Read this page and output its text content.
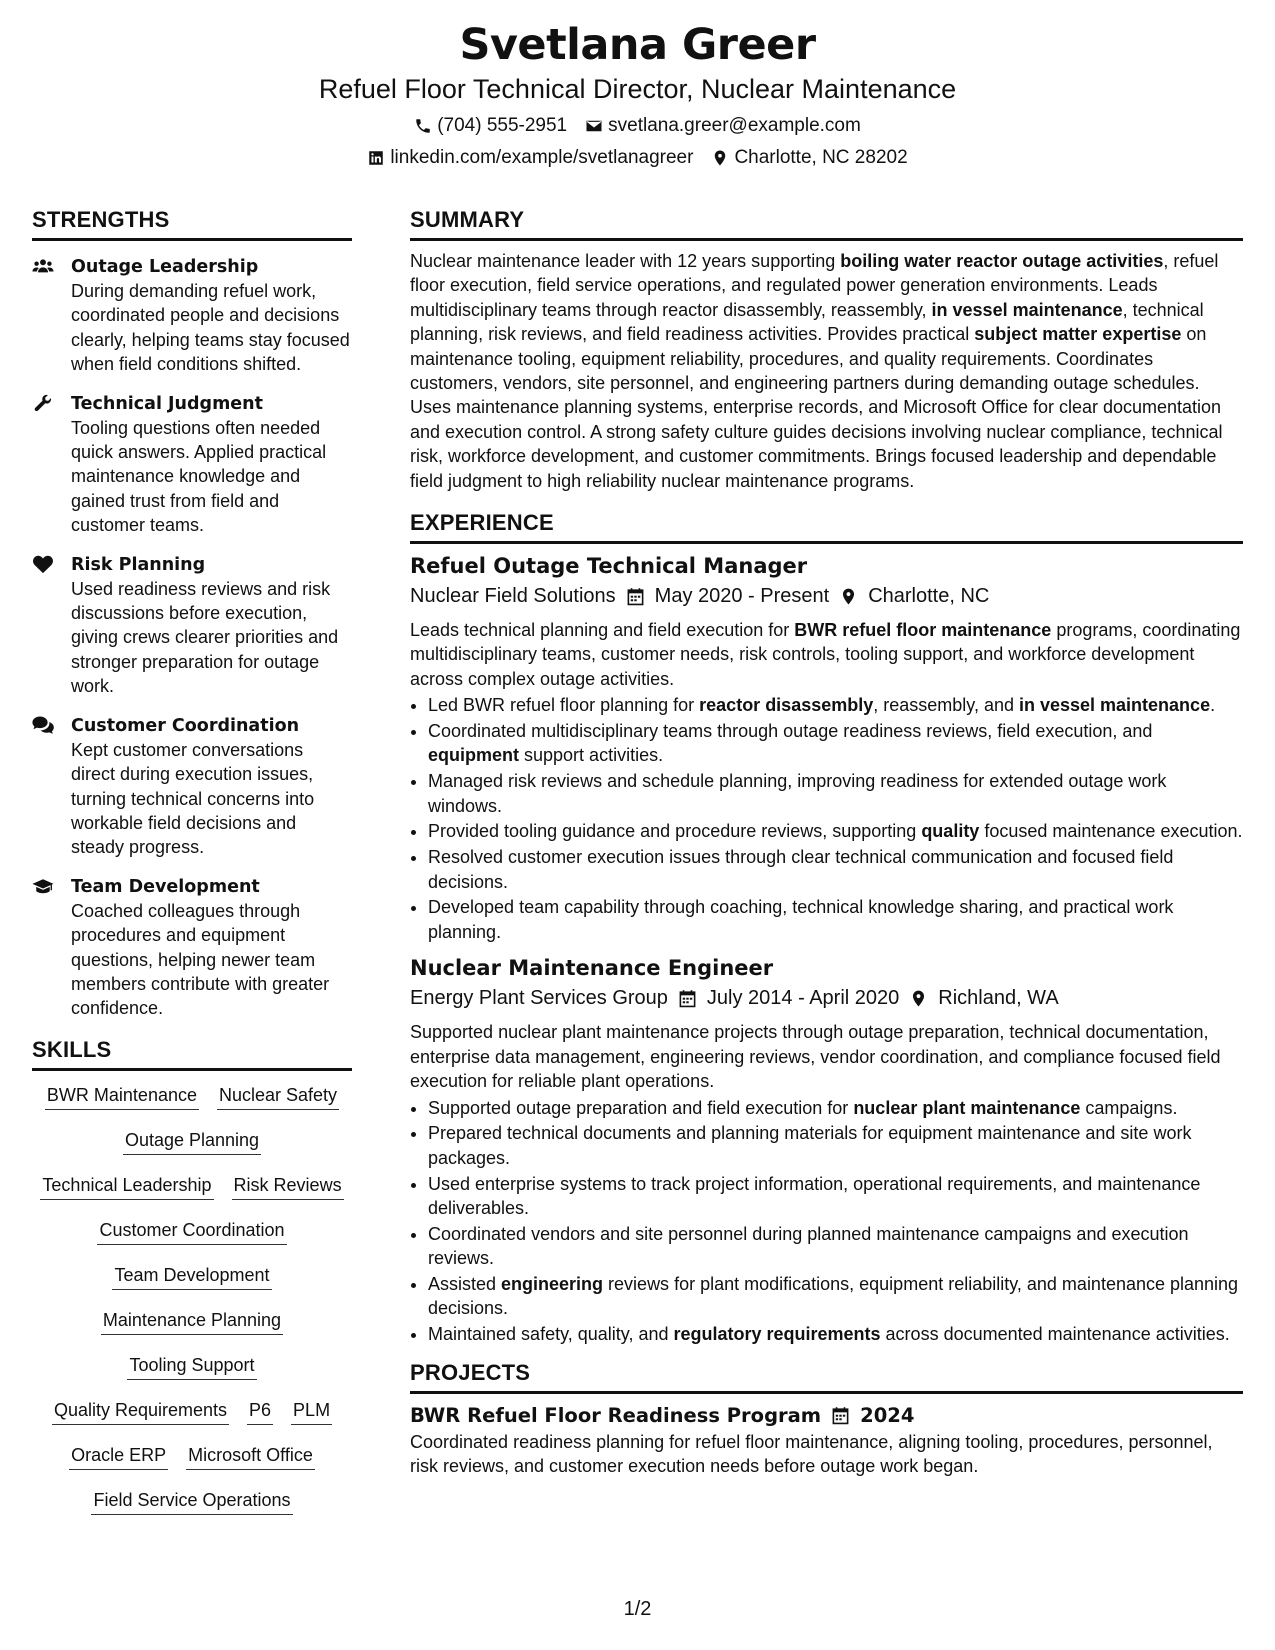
Svetlana Greer
Refuel Floor Technical Director, Nuclear Maintenance
(704) 555-2951 svetlana.greer@example.com
linkedin.com/example/svetlanagreer Charlotte, NC 28202
STRENGTHS
Outage Leadership
During demanding refuel work, coordinated people and decisions clearly, helping teams stay focused when field conditions shifted.
Technical Judgment
Tooling questions often needed quick answers. Applied practical maintenance knowledge and gained trust from field and customer teams.
Risk Planning
Used readiness reviews and risk discussions before execution, giving crews clearer priorities and stronger preparation for outage work.
Customer Coordination
Kept customer conversations direct during execution issues, turning technical concerns into workable field decisions and steady progress.
Team Development
Coached colleagues through procedures and equipment questions, helping newer team members contribute with greater confidence.
SKILLS
BWR Maintenance Nuclear Safety
Outage Planning
Technical Leadership Risk Reviews
Customer Coordination
Team Development
Maintenance Planning
Tooling Support
Quality Requirements P6 PLM
Oracle ERP Microsoft Office
Field Service Operations
SUMMARY
Nuclear maintenance leader with 12 years supporting boiling water reactor outage activities, refuel floor execution, field service operations, and regulated power generation environments. Leads multidisciplinary teams through reactor disassembly, reassembly, in vessel maintenance, technical planning, risk reviews, and field readiness activities. Provides practical subject matter expertise on maintenance tooling, equipment reliability, procedures, and quality requirements. Coordinates customers, vendors, site personnel, and engineering partners during demanding outage schedules. Uses maintenance planning systems, enterprise records, and Microsoft Office for clear documentation and execution control. A strong safety culture guides decisions involving nuclear compliance, technical risk, workforce development, and customer commitments. Brings focused leadership and dependable field judgment to high reliability nuclear maintenance programs.
EXPERIENCE
Refuel Outage Technical Manager
Nuclear Field Solutions May 2020 - Present Charlotte, NC
Leads technical planning and field execution for BWR refuel floor maintenance programs, coordinating multidisciplinary teams, customer needs, risk controls, tooling support, and workforce development across complex outage activities.
• Led BWR refuel floor planning for reactor disassembly, reassembly, and in vessel maintenance.
• Coordinated multidisciplinary teams through outage readiness reviews, field execution, and equipment support activities.
• Managed risk reviews and schedule planning, improving readiness for extended outage work windows.
• Provided tooling guidance and procedure reviews, supporting quality focused maintenance execution.
• Resolved customer execution issues through clear technical communication and focused field decisions.
• Developed team capability through coaching, technical knowledge sharing, and practical work planning.
Nuclear Maintenance Engineer
Energy Plant Services Group July 2014 - April 2020 Richland, WA
Supported nuclear plant maintenance projects through outage preparation, technical documentation, enterprise data management, engineering reviews, vendor coordination, and compliance focused field execution for reliable plant operations.
• Supported outage preparation and field execution for nuclear plant maintenance campaigns.
• Prepared technical documents and planning materials for equipment maintenance and site work packages.
• Used enterprise systems to track project information, operational requirements, and maintenance deliverables.
• Coordinated vendors and site personnel during planned maintenance campaigns and execution reviews.
• Assisted engineering reviews for plant modifications, equipment reliability, and maintenance planning decisions.
• Maintained safety, quality, and regulatory requirements across documented maintenance activities.
PROJECTS
BWR Refuel Floor Readiness Program 2024
Coordinated readiness planning for refuel floor maintenance, aligning tooling, procedures, personnel, risk reviews, and customer execution needs before outage work began.
1/2
